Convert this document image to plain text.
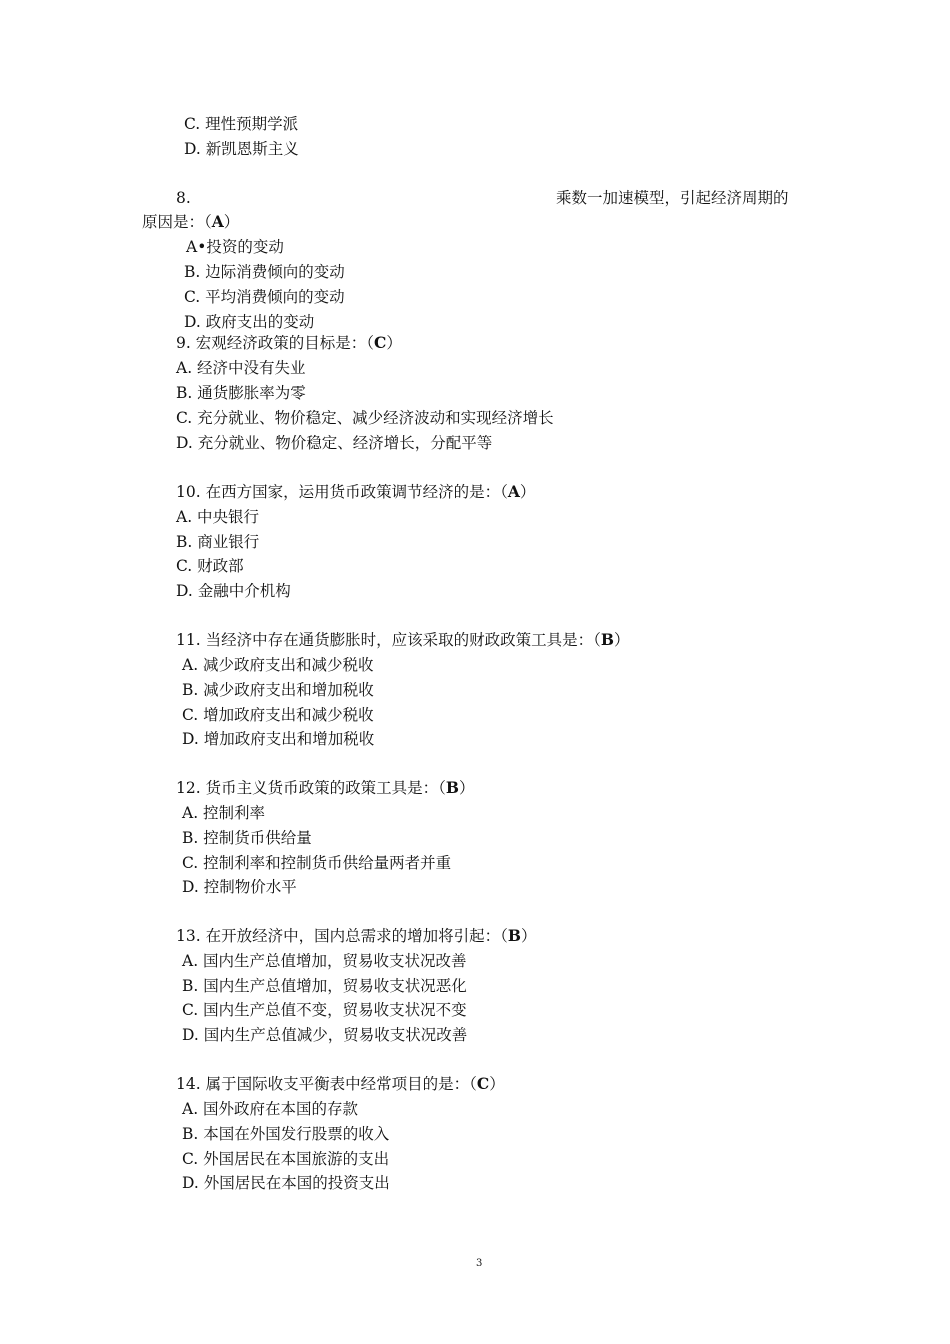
C. 理性预期学派
D. 新凯恩斯主义
8.	乘数一加速模型，引起经济周期的
原因是：（A）
A•投资的变动
B. 边际消费倾向的变动
C. 平均消费倾向的变动
D. 政府支出的变动
9. 宏观经济政策的目标是：（C）
A. 经济中没有失业
B. 通货膨胀率为零
C. 充分就业、物价稳定、减少经济波动和实现经济增长
D. 充分就业、物价稳定、经济增长，分配平等
10. 在西方国家，运用货币政策调节经济的是：（A）
A. 中央银行
B. 商业银行
C. 财政部
D. 金融中介机构
11. 当经济中存在通货膨胀时，应该采取的财政政策工具是：（B）
A. 减少政府支出和减少税收
B. 减少政府支出和增加税收
C. 增加政府支出和减少税收
D. 增加政府支出和增加税收
12. 货币主义货币政策的政策工具是：（B）
A. 控制利率
B. 控制货币供给量
C. 控制利率和控制货币供给量两者并重
D. 控制物价水平
13. 在开放经济中，国内总需求的增加将引起：（B）
A. 国内生产总值增加，贸易收支状况改善
B. 国内生产总值增加，贸易收支状况恶化
C. 国内生产总值不变，贸易收支状况不变
D. 国内生产总值减少，贸易收支状况改善
14. 属于国际收支平衡表中经常项目的是：（C）
A. 国外政府在本国的存款
B. 本国在外国发行股票的收入
C. 外国居民在本国旅游的支出
D. 外国居民在本国的投资支出
3
